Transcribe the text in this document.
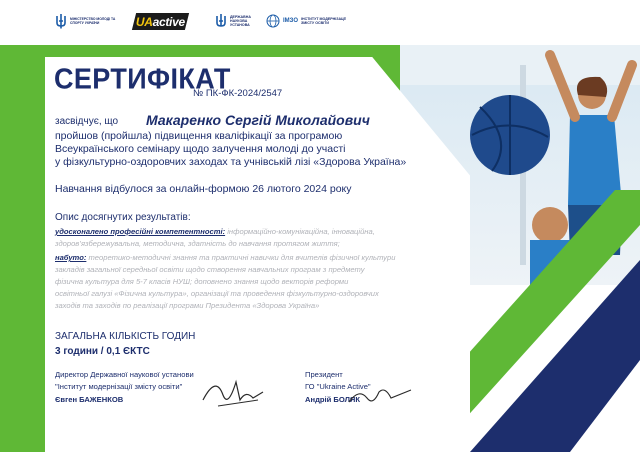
МІНІСТЕРСТВО МОЛОДІ ТА СПОРТУ УКРАЇНИ	UAactive	ДЕРЖАВНА НАУКОВА УСТАНОВА
ІМЗО ІНСТИТУТ МОДЕРНІЗАЦІЇ ЗМІСТУ ОСВІТИ
СЕРТИФІКАТ
№ ПК-ФК-2024/2547
засвідчує, що Макаренко Сергій Миколайович
пройшов (пройшла) підвищення кваліфікації за програмою
Всеукраїнського семінару щодо залучення молоді до участі
у фізкультурно-оздоровчих заходах та учнівській лізі «Здорова Україна»
Навчання відбулося за онлайн-формою 26 лютого 2024 року
Опис досягнутих результатів:
удосконалено професійні компетентності: інформаційно-комунікаційна, інноваційна,
здоров’язбережувальна, методична, здатність до навчання протягом життя;
набуто: теоретико-методичні знання та практичні навички для вчителів фізичної культури
закладів загальної середньої освіти щодо створення навчальних програм з предмету
фізична культура для 5-7 класів НУШ; доповнено знання щодо векторів реформи
освітньої галузі «Фізична культура», організації та проведення фізкультурно-оздоровчих
заходів та заходів по реалізації програми Президента «Здорова Україна»
ЗАГАЛЬНА КІЛЬКІСТЬ ГОДИН
3 години / 0,1 ЄКТС
Директор Державної наукової установи
"Інститут модернізації змісту освіти"
Євген БАЖЕНКОВ
Президент
ГО "Ukraine Active"
Андрій БОЛЯК
